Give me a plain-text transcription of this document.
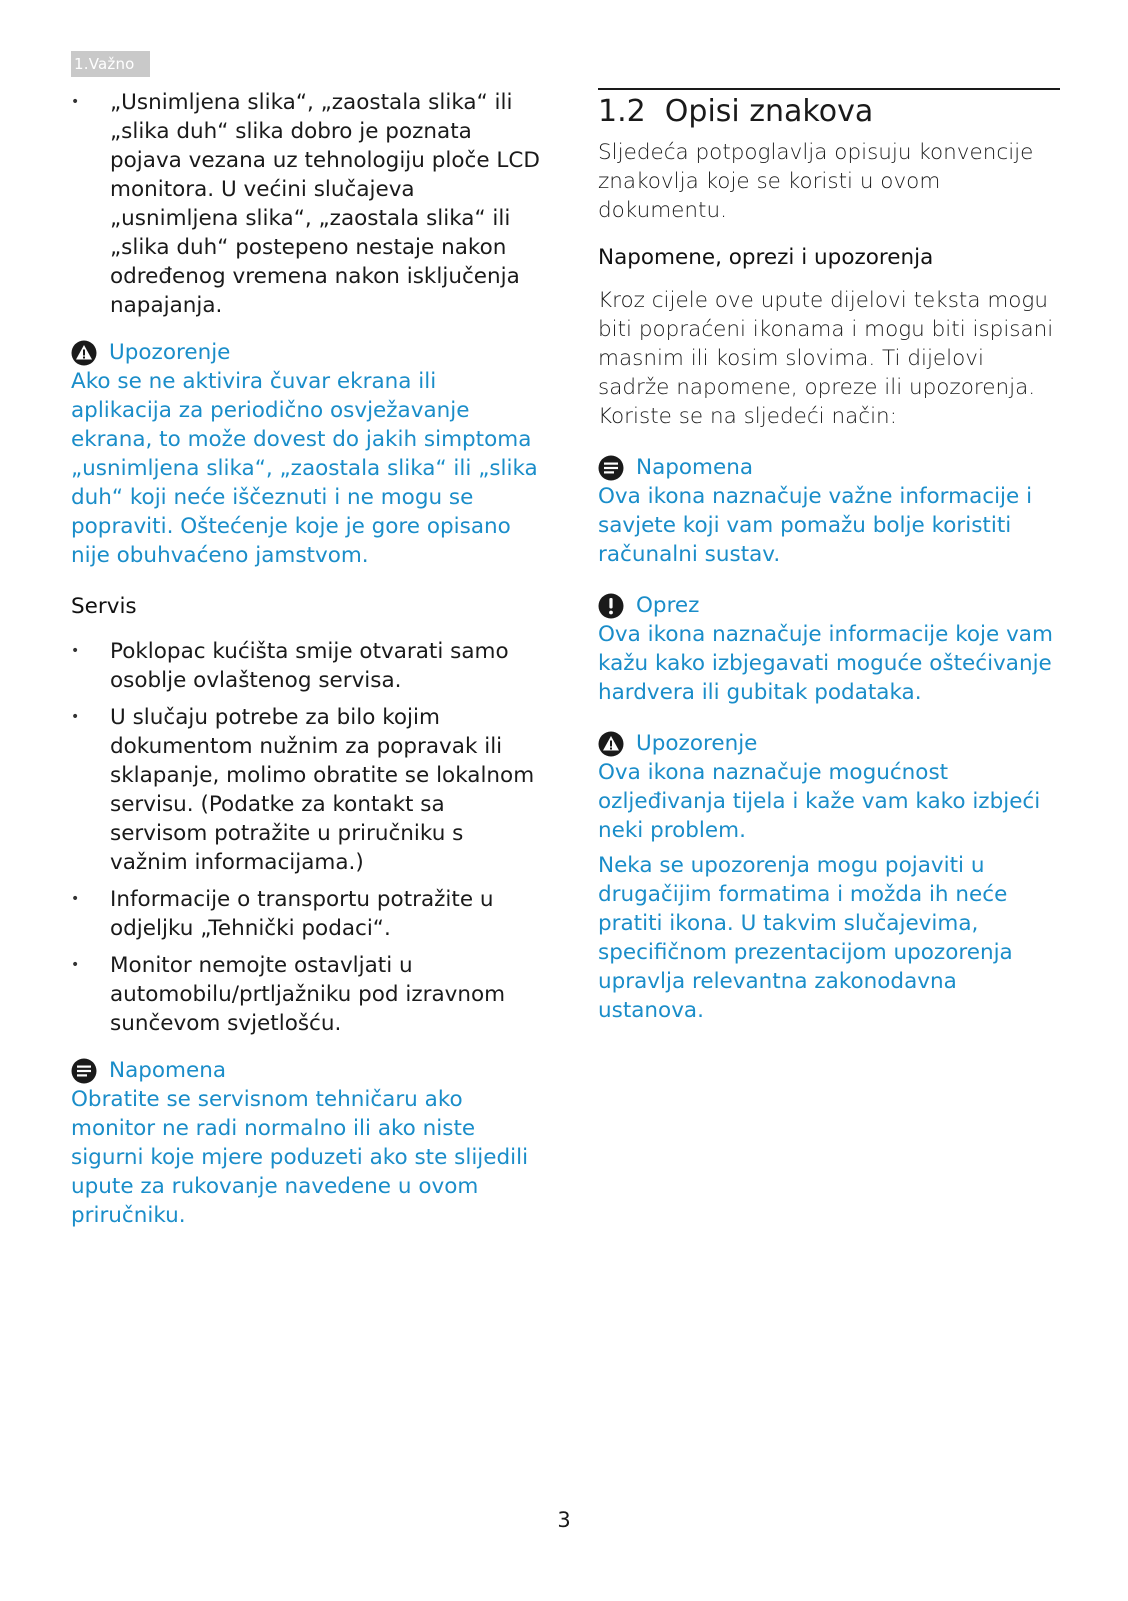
1.Važno
• „Usnimljena slika“, „zaostala slika“ ili „slika duh“ slika dobro je poznata pojava vezana uz tehnologiju ploče LCD monitora. U većini slučajeva „usnimljena slika“, „zaostala slika“ ili „slika duh“ postepeno nestaje nakon određenog vremena nakon isključenja napajanja.

Upozorenje

Ako se ne aktivira čuvar ekrana ili aplikacija za periodično osvježavanje ekrana, to može dovest do jakih simptoma „usnimljena slika“, „zaostala slika“ ili „slika duh“ koji neće iščeznuti i ne mogu se popraviti. Oštećenje koje je gore opisano nije obuhvaćeno jamstvom.

Servis

• Poklopac kućišta smije otvarati samo osoblje ovlaštenog servisa.
• U slučaju potrebe za bilo kojim dokumentom nužnim za popravak ili sklapanje, molimo obratite se lokalnom servisu. (Podatke za kontakt sa servisom potražite u priručniku s važnim informacijama.)
• Informacije o transportu potražite u odjeljku „Tehnički podaci“.
• Monitor nemojte ostavljati u automobilu/prtljažniku pod izravnom sunčevom svjetlošću.

Napomena

Obratite se servisnom tehničaru ako monitor ne radi normalno ili ako niste sigurni koje mjere poduzeti ako ste slijedili upute za rukovanje navedene u ovom priručniku.

1.2 Opisi znakova

Sljedeća potpoglavlja opisuju konvencije znakovlja koje se koristi u ovom dokumentu.

Napomene, oprezi i upozorenja

Kroz cijele ove upute dijelovi teksta mogu biti popraćeni ikonama i mogu biti ispisani masnim ili kosim slovima. Ti dijelovi sadrže napomene, opreze ili upozorenja. Koriste se na sljedeći način:

Napomena

Ova ikona naznačuje važne informacije i savjete koji vam pomažu bolje koristiti računalni sustav.

Oprez

Ova ikona naznačuje informacije koje vam kažu kako izbjegavati moguće oštećivanje hardvera ili gubitak podataka.

Upozorenje

Ova ikona naznačuje mogućnost ozljeđivanja tijela i kaže vam kako izbjeći neki problem.

Neka se upozorenja mogu pojaviti u drugačijim formatima i možda ih neće pratiti ikona. U takvim slučajevima, specifičnom prezentacijom upozorenja upravlja relevantna zakonodavna ustanova.

3
